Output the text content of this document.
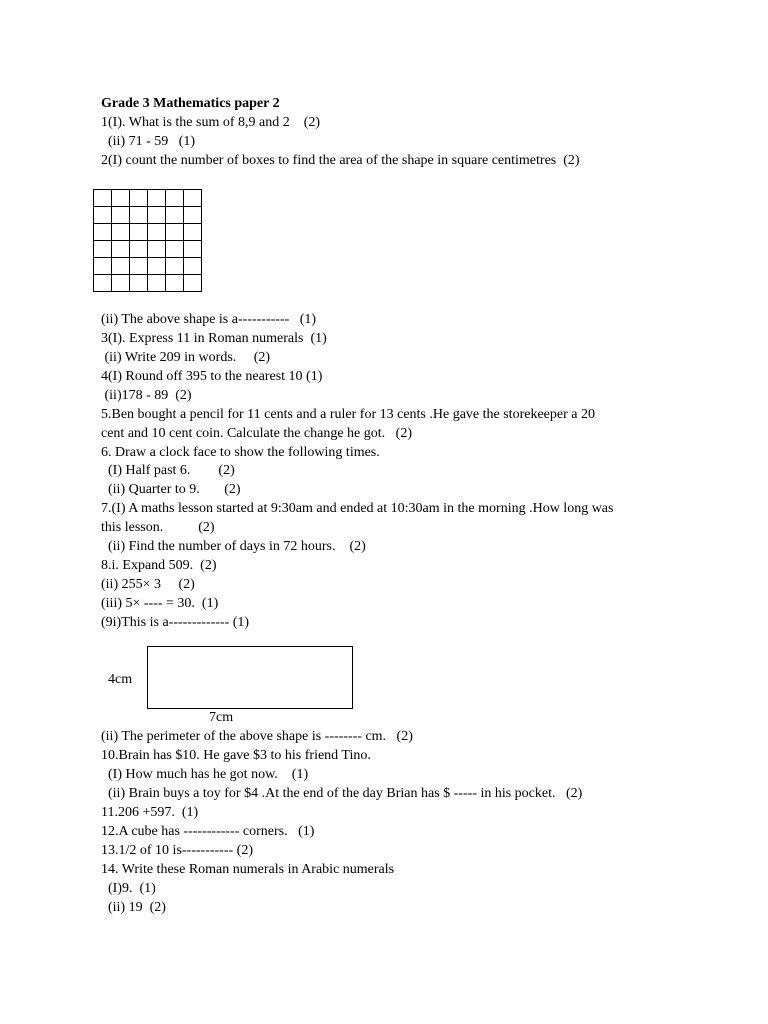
Grade 3 Mathematics paper 2
1(I). What is the sum of 8,9 and 2    (2)
(ii) 71 - 59   (1)
2(I) count the number of boxes to find the area of the shape in square centimetres  (2)
(ii) The above shape is a-----------   (1)
3(I). Express 11 in Roman numerals  (1)
(ii) Write 209 in words.     (2)
4(I) Round off 395 to the nearest 10 (1)
(ii)178 - 89  (2)
5.Ben bought a pencil for 11 cents and a ruler for 13 cents .He gave the storekeeper a 20
cent and 10 cent coin. Calculate the change he got.   (2)
6. Draw a clock face to show the following times.
(I) Half past 6.        (2)
(ii) Quarter to 9.       (2)
7.(I) A maths lesson started at 9:30am and ended at 10:30am in the morning .How long was
this lesson.          (2)
(ii) Find the number of days in 72 hours.    (2)
8.i. Expand 509.  (2)
(ii) 255× 3     (2)
(iii) 5× ---- = 30.  (1)
(9i)This is a------------- (1)
4cm
7cm
(ii) The perimeter of the above shape is -------- cm.   (2)
10.Brain has $10. He gave $3 to his friend Tino.
(I) How much has he got now.    (1)
(ii) Brain buys a toy for $4 .At the end of the day Brian has $ ----- in his pocket.   (2)
11.206 +597.  (1)
12.A cube has ------------ corners.   (1)
13.1/2 of 10 is----------- (2)
14. Write these Roman numerals in Arabic numerals
(I)9.  (1)
(ii) 19  (2)
